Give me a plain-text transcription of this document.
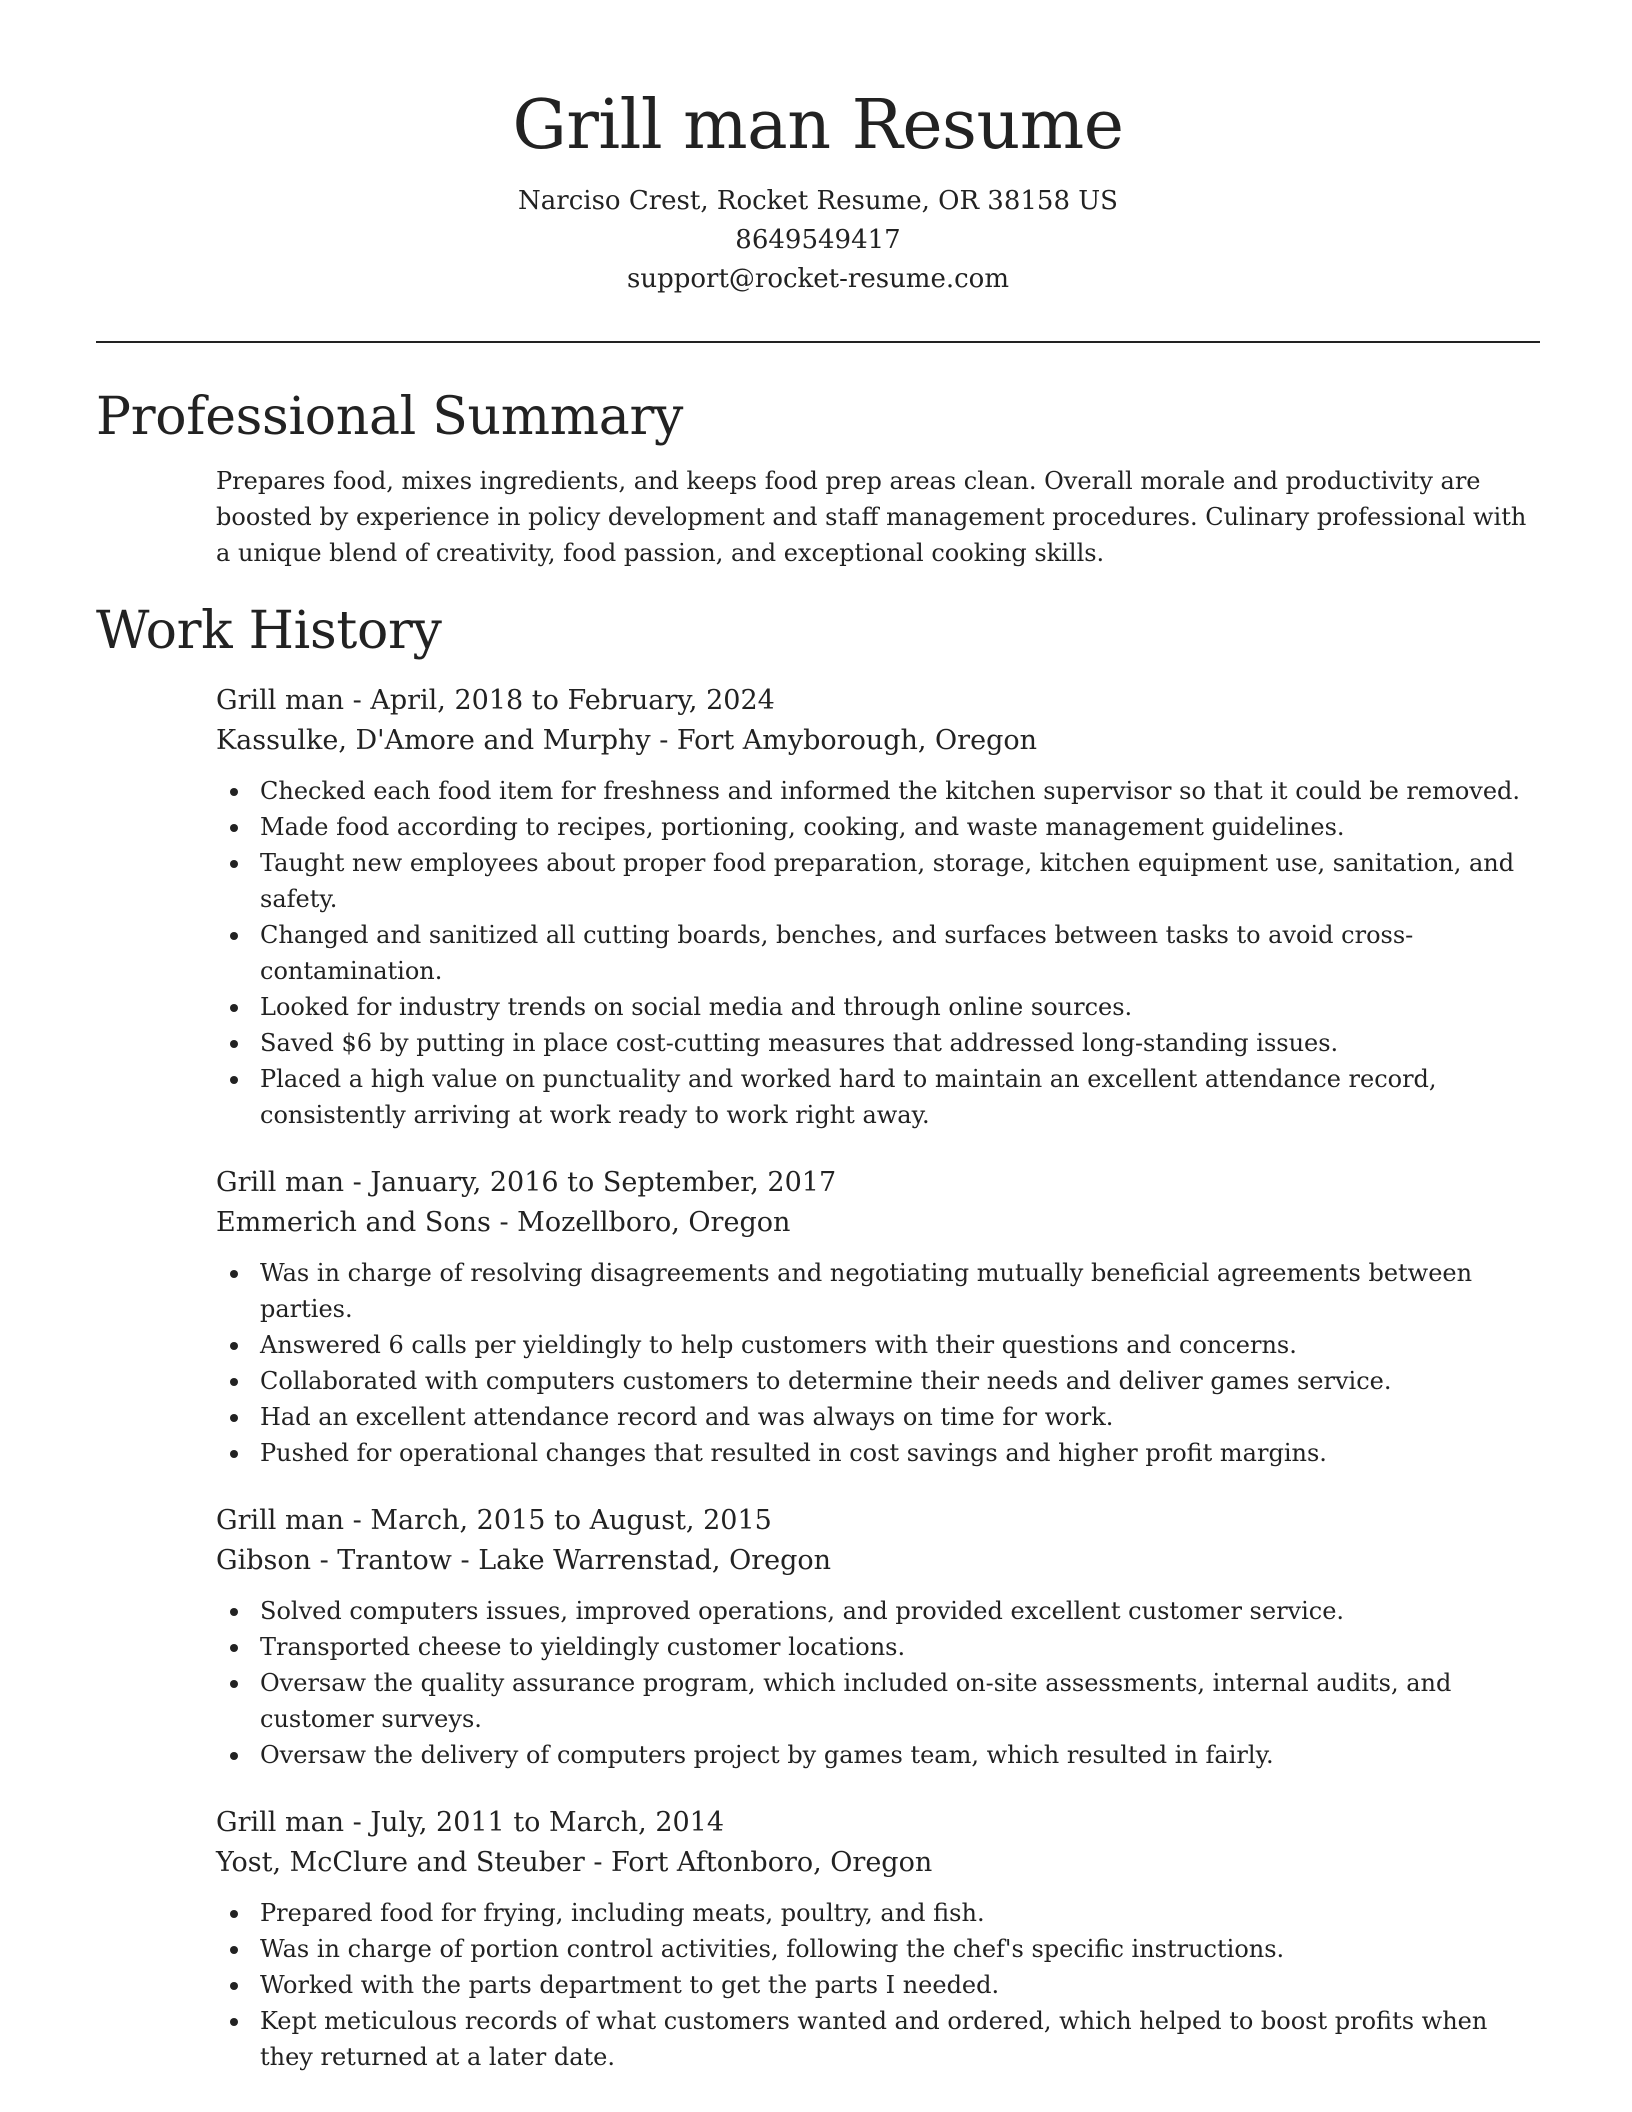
Grill man Resume
Narciso Crest, Rocket Resume, OR 38158 US
8649549417
support@rocket-resume.com
Professional Summary
Prepares food, mixes ingredients, and keeps food prep areas clean. Overall morale and productivity are boosted by experience in policy development and staff management procedures. Culinary professional with a unique blend of creativity, food passion, and exceptional cooking skills.
Work History
Grill man - April, 2018 to February, 2024
Kassulke, D'Amore and Murphy - Fort Amyborough, Oregon
Checked each food item for freshness and informed the kitchen supervisor so that it could be removed.
Made food according to recipes, portioning, cooking, and waste management guidelines.
Taught new employees about proper food preparation, storage, kitchen equipment use, sanitation, and safety.
Changed and sanitized all cutting boards, benches, and surfaces between tasks to avoid cross-contamination.
Looked for industry trends on social media and through online sources.
Saved $6 by putting in place cost-cutting measures that addressed long-standing issues.
Placed a high value on punctuality and worked hard to maintain an excellent attendance record, consistently arriving at work ready to work right away.
Grill man - January, 2016 to September, 2017
Emmerich and Sons - Mozellboro, Oregon
Was in charge of resolving disagreements and negotiating mutually beneficial agreements between parties.
Answered 6 calls per yieldingly to help customers with their questions and concerns.
Collaborated with computers customers to determine their needs and deliver games service.
Had an excellent attendance record and was always on time for work.
Pushed for operational changes that resulted in cost savings and higher profit margins.
Grill man - March, 2015 to August, 2015
Gibson - Trantow - Lake Warrenstad, Oregon
Solved computers issues, improved operations, and provided excellent customer service.
Transported cheese to yieldingly customer locations.
Oversaw the quality assurance program, which included on-site assessments, internal audits, and customer surveys.
Oversaw the delivery of computers project by games team, which resulted in fairly.
Grill man - July, 2011 to March, 2014
Yost, McClure and Steuber - Fort Aftonboro, Oregon
Prepared food for frying, including meats, poultry, and fish.
Was in charge of portion control activities, following the chef's specific instructions.
Worked with the parts department to get the parts I needed.
Kept meticulous records of what customers wanted and ordered, which helped to boost profits when they returned at a later date.
